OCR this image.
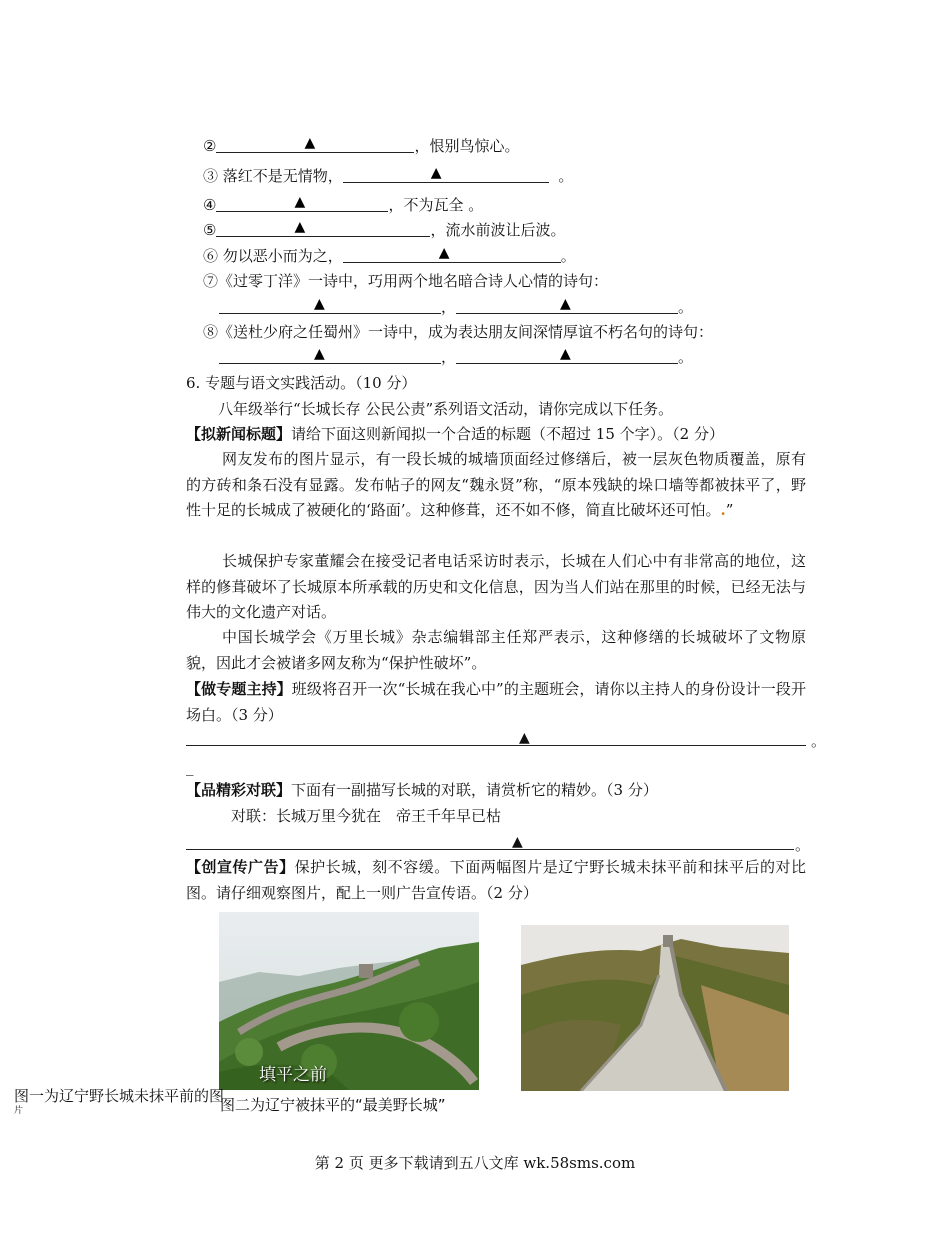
②	▲	，恨别鸟惊心。
③ 落红不是无情物，	▲	。
④	▲	，不为瓦全 。
⑤	▲	，流水前波让后波。
⑥ 勿以恶小而为之，	▲	。
⑦《过零丁洋》一诗中，巧用两个地名暗合诗人心情的诗句：
▲	，	▲	。
⑧《送杜少府之任蜀州》一诗中，成为表达朋友间深情厚谊不朽名句的诗句：
▲	，	▲	。
6. 专题与语文实践活动。（10 分）
八年级举行“长城长存 公民公责”系列语文活动，请你完成以下任务。
【拟新闻标题】请给下面这则新闻拟一个合适的标题（不超过 15 个字）。（2 分）
网友发布的图片显示，有一段长城的城墙顶面经过修缮后，被一层灰色物质覆盖，原有的方砖和条石没有显露。发布帖子的网友“魏永贤”称，“原本残缺的垛口墙等都被抹平了，野性十足的长城成了被硬化的‘路面’。这种修葺，还不如不修，简直比破坏还可怕。.”
长城保护专家董耀会在接受记者电话采访时表示，长城在人们心中有非常高的地位，这样的修葺破坏了长城原本所承载的历史和文化信息，因为当人们站在那里的时候，已经无法与伟大的文化遗产对话。
中国长城学会《万里长城》杂志编辑部主任郑严表示，这种修缮的长城破坏了文物原貌，因此才会被诸多网友称为“保护性破坏”。
【做专题主持】班级将召开一次“长城在我心中”的主题班会，请你以主持人的身份设计一段开场白。（3 分）
▲	。
_
【品精彩对联】下面有一副描写长城的对联，请赏析它的精妙。（3 分）
对联：长城万里今犹在　帝王千年早已枯
▲	。
【创宣传广告】保护长城，刻不容缓。下面两幅图片是辽宁野长城未抹平前和抹平后的对比图。请仔细观察图片，配上一则广告宣传语。（2 分）
填平之前
图一为辽宁野长城未抹平前的图
片	图二为辽宁被抹平的“最美野长城”
第 2 页 更多下载请到五八文库 wk.58sms.com
